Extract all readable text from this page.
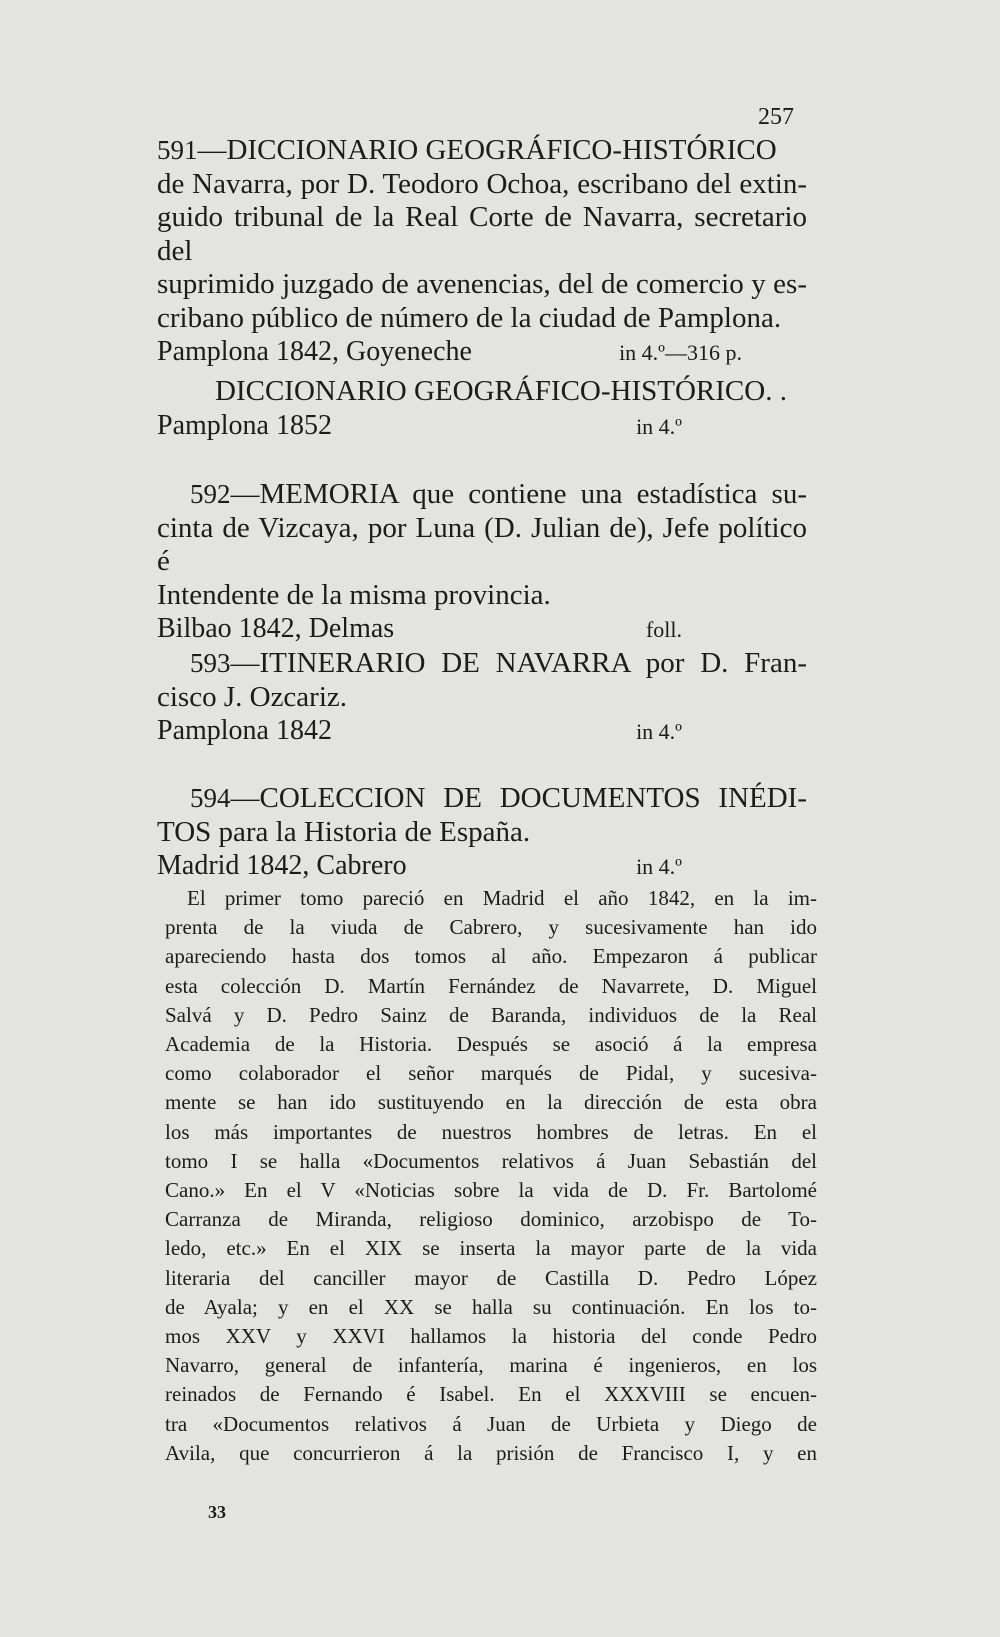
257
591—DICCIONARIO GEOGRÁFICO-HISTÓRICO
de Navarra, por D. Teodoro Ochoa, escribano del extin-
guido tribunal de la Real Corte de Navarra, secretario del
suprimido juzgado de avenencias, del de comercio y es-
cribano público de número de la ciudad de Pamplona.
Pamplona 1842, Goyeneche	in 4.º—316 p.
DICCIONARIO GEOGRÁFICO-HISTÓRICO. .
Pamplona 1852	in 4.º
592—MEMORIA que contiene una estadística su-
cinta de Vizcaya, por Luna (D. Julian de), Jefe político é
Intendente de la misma provincia.
Bilbao 1842, Delmas	foll.
593—ITINERARIO DE NAVARRA por D. Fran-
cisco J. Ozcariz.
Pamplona 1842	in 4.º
594—COLECCION DE DOCUMENTOS INÉDI-
TOS para la Historia de España.
Madrid 1842, Cabrero	in 4.º
El primer tomo pareció en Madrid el año 1842, en la im-
prenta de la viuda de Cabrero, y sucesivamente han ido
apareciendo hasta dos tomos al año. Empezaron á publicar
esta colección D. Martín Fernández de Navarrete, D. Miguel
Salvá y D. Pedro Sainz de Baranda, individuos de la Real
Academia de la Historia. Después se asoció á la empresa
como colaborador el señor marqués de Pidal, y sucesiva-
mente se han ido sustituyendo en la dirección de esta obra
los más importantes de nuestros hombres de letras. En el
tomo I se halla «Documentos relativos á Juan Sebastián del
Cano.» En el V «Noticias sobre la vida de D. Fr. Bartolomé
Carranza de Miranda, religioso dominico, arzobispo de To-
ledo, etc.» En el XIX se inserta la mayor parte de la vida
literaria del canciller mayor de Castilla D. Pedro López
de Ayala; y en el XX se halla su continuación. En los to-
mos XXV y XXVI hallamos la historia del conde Pedro
Navarro, general de infantería, marina é ingenieros, en los
reinados de Fernando é Isabel. En el XXXVIII se encuen-
tra «Documentos relativos á Juan de Urbieta y Diego de
Avila, que concurrieron á la prisión de Francisco I, y en
33
